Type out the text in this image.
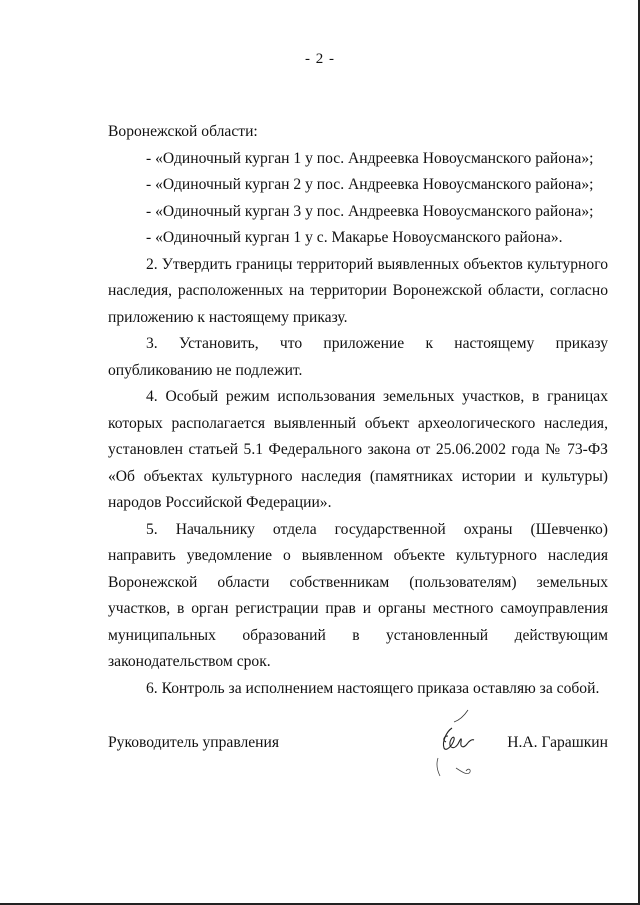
- 2 -

Воронежской области:

- «Одиночный курган 1 у пос. Андреевка Новоусманского района»;

- «Одиночный курган 2 у пос. Андреевка Новоусманского района»;

- «Одиночный курган 3 у пос. Андреевка Новоусманского района»;

- «Одиночный курган 1 у с. Макарье Новоусманского района».

2. Утвердить границы территорий выявленных объектов культурного наследия, расположенных на территории Воронежской области, согласно приложению к настоящему приказу.

3. Установить, что приложение к настоящему приказу опубликованию не подлежит.

4. Особый режим использования земельных участков, в границах которых располагается выявленный объект археологического наследия, установлен статьей 5.1 Федерального закона от 25.06.2002 года № 73-ФЗ «Об объектах культурного наследия (памятниках истории и культуры) народов Российской Федерации».

5. Начальнику отдела государственной охраны (Шевченко) направить уведомление о выявленном объекте культурного наследия Воронежской области собственникам (пользователям) земельных участков, в орган регистрации прав и органы местного самоуправления муниципальных образований в установленный действующим законодательством срок.

6. Контроль за исполнением настоящего приказа оставляю за собой.

Руководитель управления	Н.А. Гарашкин
